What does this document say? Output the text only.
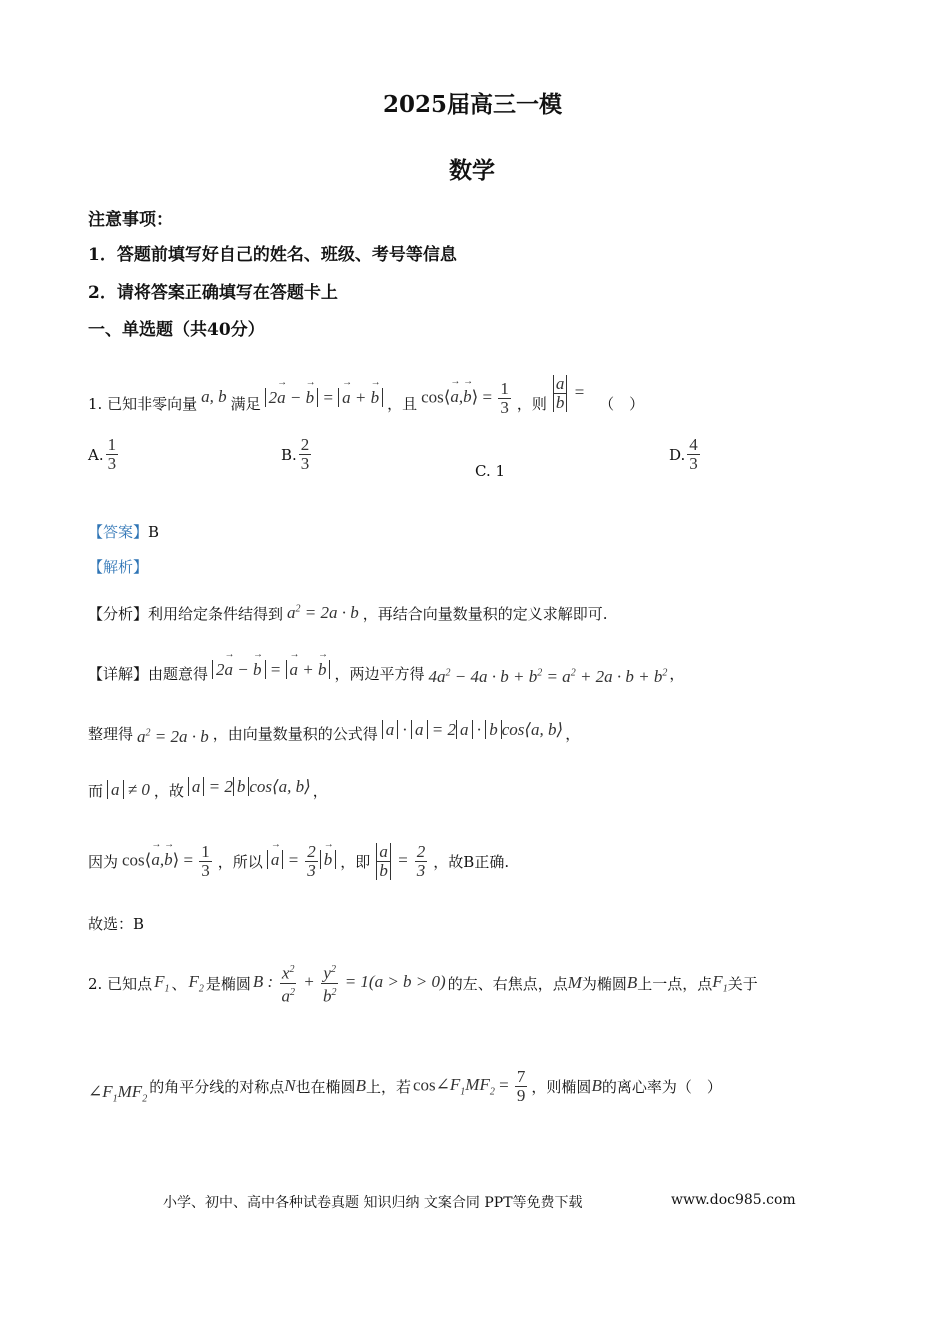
2025届高三一模
数学
注意事项：
1．答题前填写好自己的姓名、班级、考号等信息
2．请将答案正确填写在答题卡上
一、单选题（共40分）
1. 已知非零向量 a, b 满足 2→ a − → b = → a + → b ，且 cos⟨→ a,→ b⟩ = $\frac{1}{3}$ ，则 $\frac{a}{b}$ =
（　）
A. $\frac{1}{3}$	B. $\frac{2}{3}$	C. 1
D. $\frac{4}{3}$
【答案】B
【解析】
【分析】 利用给定条件结得到 $a^2 = 2a \cdot b$ ，再结合向量数量积的定义求解即可.
【详解】 由题意得 2→ a − → b = → a + → b ，两边平方得 $4a^2 - 4a \cdot b + b^2 = a^2 + 2a \cdot b + b^2$ ，
整理得 $a^2 = 2a \cdot b$ ，由向量数量积的公式得 a · a = 2 a · b cos⟨a, b⟩ ，
而 a ≠ 0 ，故 a = 2 b cos⟨a, b⟩ ，
因为 cos⟨→ a,→ b⟩ = $\frac{1}{3}$ ，所以
→ $a = \frac{2}{3}$
→ b ，即 $\frac{a}{b} = \frac{2}{3}$ ，故B正确.
故选：B
2. 已知点 $F_1$ 、 $F_2$ 是椭圆 B : $\frac{x^2}{a^2} + \frac{y^2}{b^2} = 1(a > b > 0)$ 的左、右焦点，点 M 为椭圆 B 上一点，点 $F_1$ 关于
$\angle F_1MF_2$
的角平分线的对称点 N 也在椭圆 B 上，若 $\cos\angle F_1MF_2 = \frac{7}{9}$ ，则椭圆 B 的离心率为（　）
小学、初中、高中各种试卷真题 知识归纳 文案合同 PPT等免费下载	www.doc985.com
